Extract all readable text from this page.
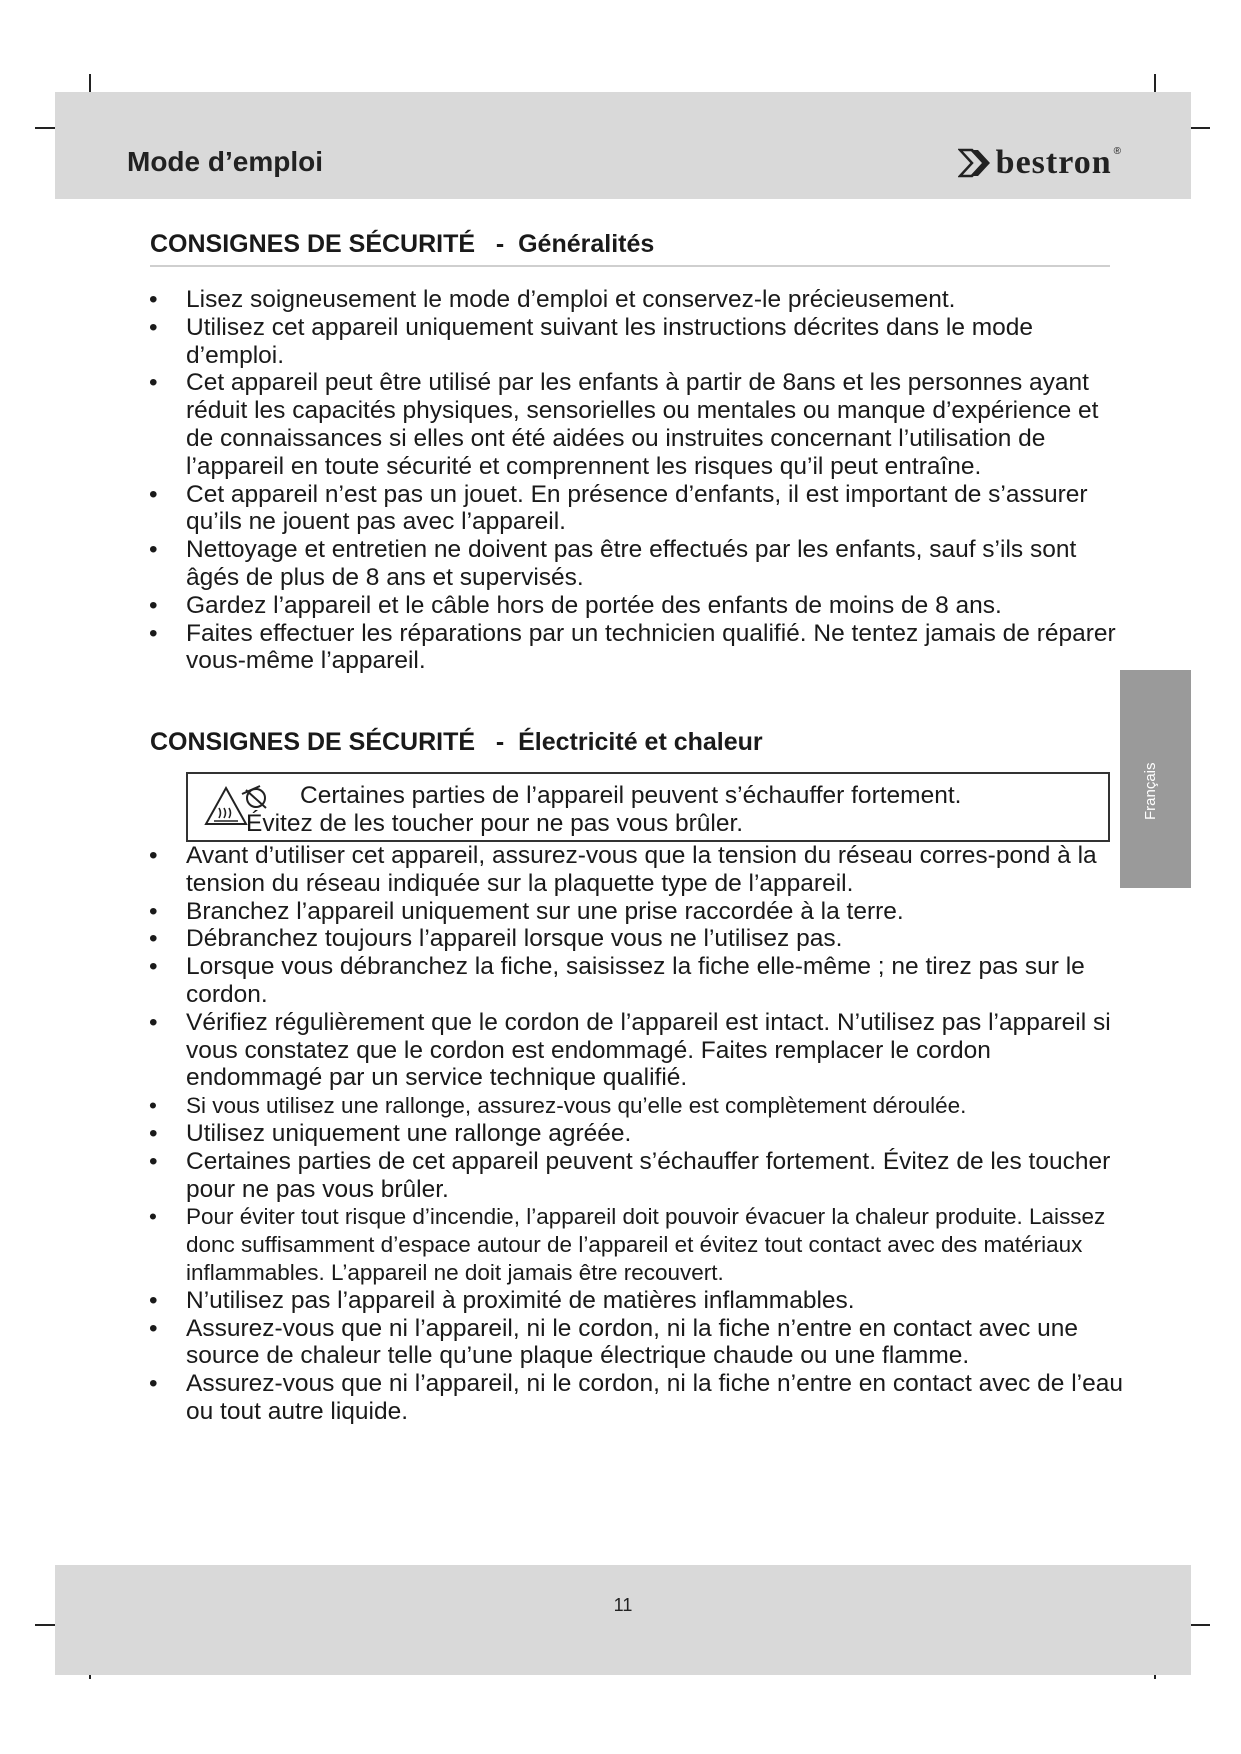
Mode d’emploi	bestron ®
CONSIGNES DE SÉCURITÉ   -  Généralités
• Lisez soigneusement le mode d’emploi et conservez-le précieusement.
• Utilisez cet appareil uniquement suivant les instructions décrites dans le mode d’emploi.
• Cet appareil peut être utilisé par les enfants à partir de 8ans et les personnes ayant réduit les capacités physiques, sensorielles ou mentales ou manque d’expérience et de connaissances si elles ont été aidées ou instruites concernant l’utilisation de l’appareil en toute sécurité et comprennent les risques qu’il peut entraîne.
• Cet appareil n’est pas un jouet. En présence d’enfants, il est important de s’assurer qu’ils ne jouent pas avec l’appareil.
• Nettoyage et entretien ne doivent pas être effectués par les enfants, sauf s’ils sont âgés de plus de 8 ans et supervisés.
• Gardez l’appareil et le câble hors de portée des enfants de moins de 8 ans.
• Faites effectuer les réparations par un technicien qualifié. Ne tentez jamais de réparer vous-même l’appareil.
CONSIGNES DE SÉCURITÉ   -  Électricité et chaleur
Certaines parties de l’appareil peuvent s’échauffer fortement.
Évitez de les toucher pour ne pas vous brûler.
• Avant d’utiliser cet appareil, assurez-vous que la tension du réseau corres-pond à la tension du réseau indiquée sur la plaquette type de l’appareil.
• Branchez l’appareil uniquement sur une prise raccordée à la terre.
• Débranchez toujours l’appareil lorsque vous ne l’utilisez pas.
• Lorsque vous débranchez la fiche, saisissez la fiche elle-même ; ne tirez pas sur le cordon.
• Vérifiez régulièrement que le cordon de l’appareil est intact. N’utilisez pas l’appareil si vous constatez que le cordon est endommagé. Faites remplacer le cordon endommagé par un service technique qualifié.
• Si vous utilisez une rallonge, assurez-vous qu’elle est complètement déroulée.
• Utilisez uniquement une rallonge agréée.
• Certaines parties de cet appareil peuvent s’échauffer fortement. Évitez de les toucher pour ne pas vous brûler.
• Pour éviter tout risque d’incendie, l’appareil doit pouvoir évacuer la chaleur produite. Laissez donc suffisamment d’espace autour de l’appareil et évitez tout contact avec des matériaux inflammables. L’appareil ne doit jamais être recouvert.
• N’utilisez pas l’appareil à proximité de matières inflammables.
• Assurez-vous que ni l’appareil, ni le cordon, ni la fiche n’entre en contact avec une source de chaleur telle qu’une plaque électrique chaude ou une flamme.
• Assurez-vous que ni l’appareil, ni le cordon, ni la fiche n’entre en contact avec de l’eau ou tout autre liquide.
Français
11
